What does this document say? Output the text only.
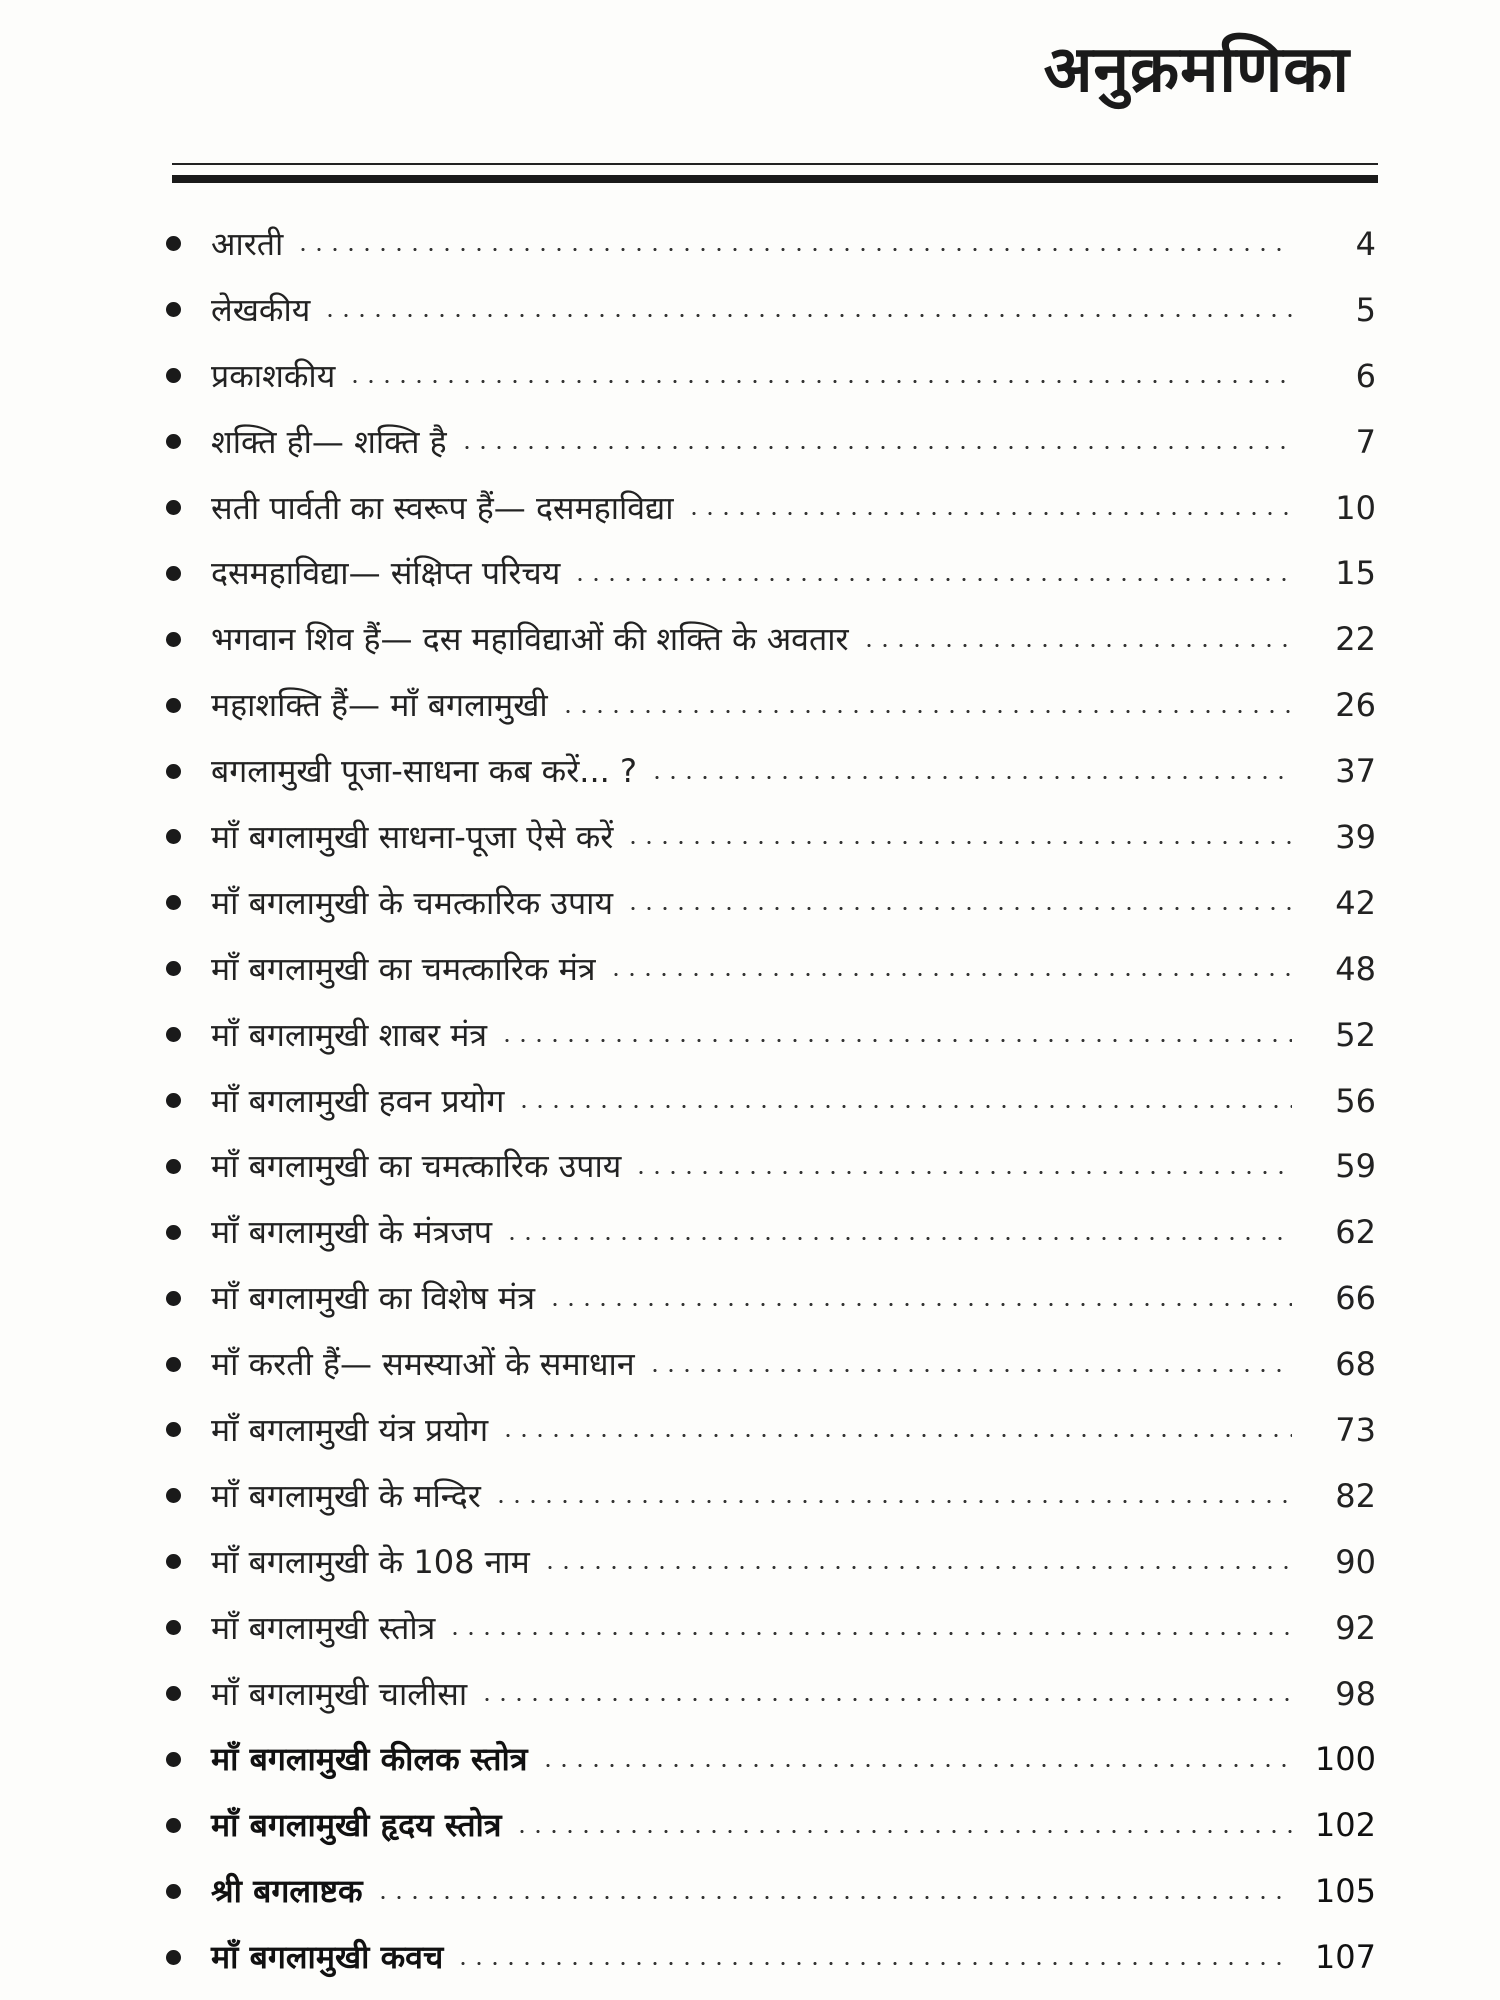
अनुक्रमणिका
आरती	4
लेखकीय	5
प्रकाशकीय	6
शक्ति ही— शक्ति है	7
सती पार्वती का स्वरूप हैं— दसमहाविद्या	10
दसमहाविद्या— संक्षिप्त परिचय	15
भगवान शिव हैं— दस महाविद्याओं की शक्ति के अवतार	22
महाशक्ति हैं— माँ बगलामुखी	26
बगलामुखी पूजा-साधना कब करें... ?	37
माँ बगलामुखी साधना-पूजा ऐसे करें	39
माँ बगलामुखी के चमत्कारिक उपाय	42
माँ बगलामुखी का चमत्कारिक मंत्र	48
माँ बगलामुखी शाबर मंत्र	52
माँ बगलामुखी हवन प्रयोग	56
माँ बगलामुखी का चमत्कारिक उपाय	59
माँ बगलामुखी के मंत्रजप	62
माँ बगलामुखी का विशेष मंत्र	66
माँ करती हैं— समस्याओं के समाधान	68
माँ बगलामुखी यंत्र प्रयोग	73
माँ बगलामुखी के मन्दिर	82
माँ बगलामुखी के 108 नाम	90
माँ बगलामुखी स्तोत्र	92
माँ बगलामुखी चालीसा	98
माँ बगलामुखी कीलक स्तोत्र	100
माँ बगलामुखी हृदय स्तोत्र	102
श्री बगलाष्टक	105
माँ बगलामुखी कवच	107
